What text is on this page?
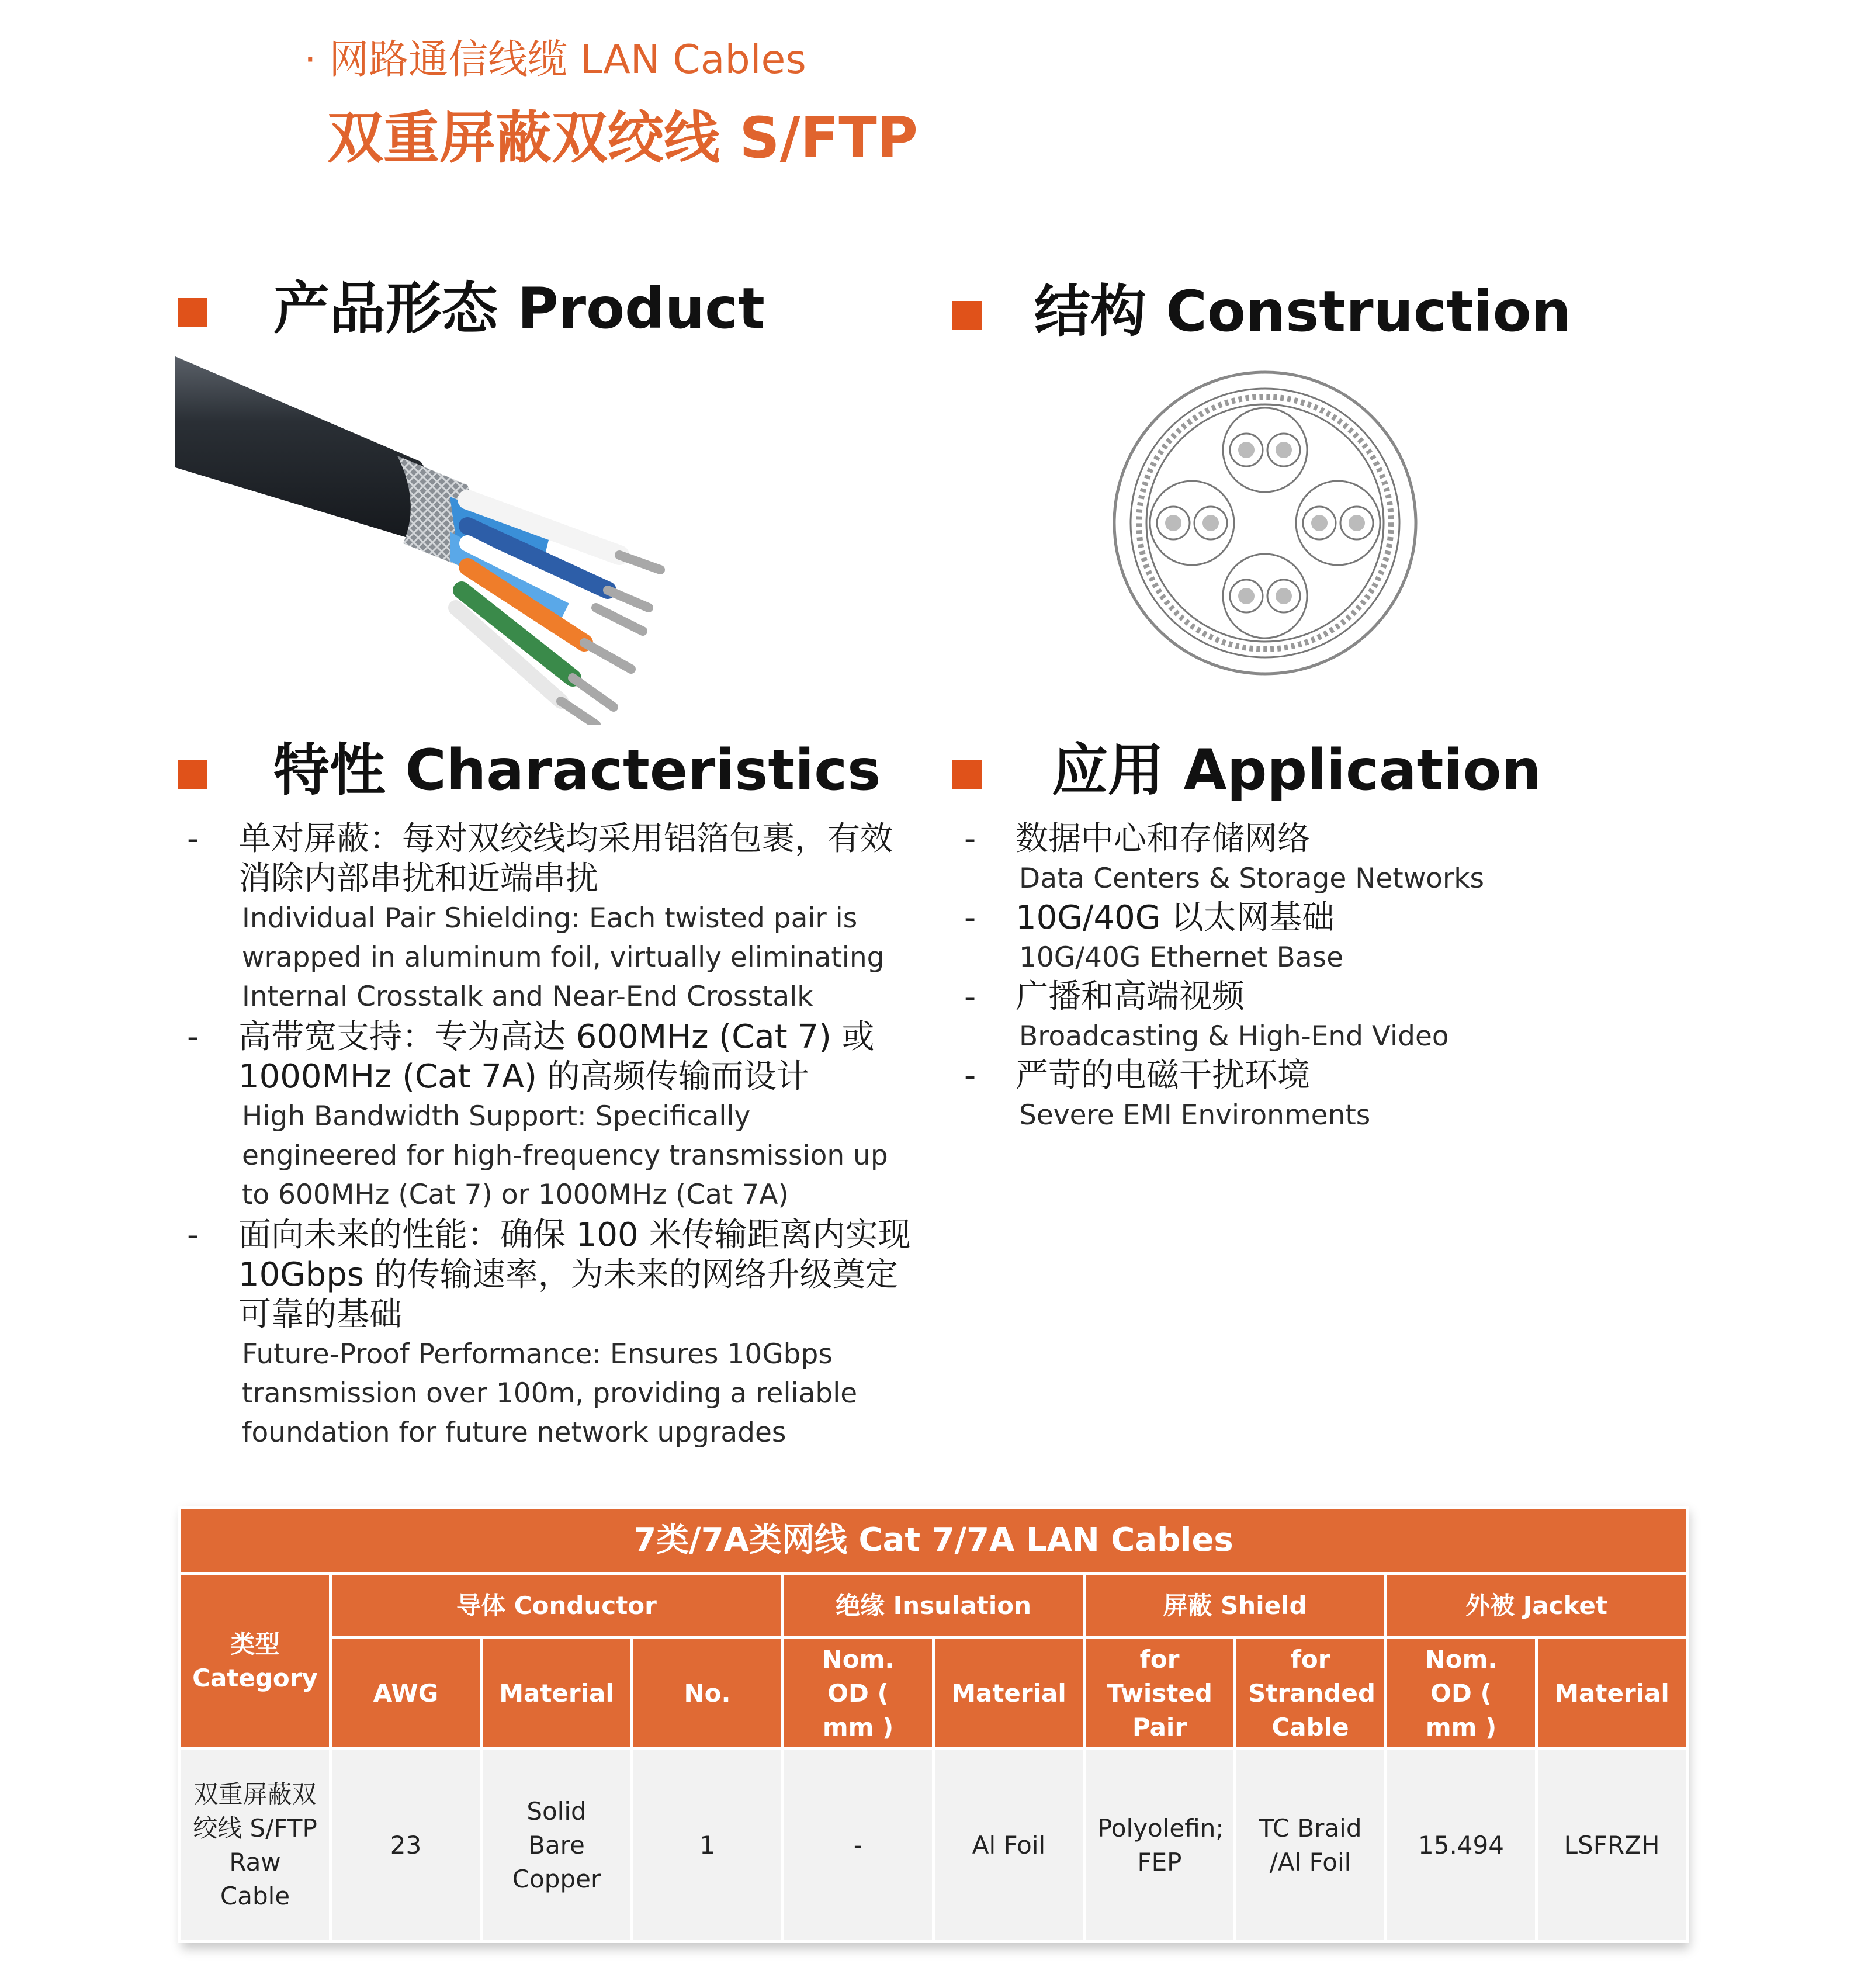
· 网路通信线缆 LAN Cables
双重屏蔽双绞线 S/FTP
产品形态 Product	结构 Construction
特性 Characteristics	应用 Application
- 单对屏蔽：每对双绞线均采用铝箔包裹，有效消除内部串扰和近端串扰
Individual Pair Shielding: Each twisted pair is wrapped in aluminum foil, virtually eliminating Internal Crosstalk and Near-End Crosstalk
- 高带宽支持：专为高达 600MHz (Cat 7) 或 1000MHz (Cat 7A) 的高频传输而设计
High Bandwidth Support: Specifically engineered for high-frequency transmission up to 600MHz (Cat 7) or 1000MHz (Cat 7A)
- 面向未来的性能：确保 100 米传输距离内实现 10Gbps 的传输速率，为未来的网络升级奠定可靠的基础
Future-Proof Performance: Ensures 10Gbps transmission over 100m, providing a reliable foundation for future network upgrades
- 数据中心和存储网络
Data Centers & Storage Networks
- 10G/40G 以太网基础
10G/40G Ethernet Base
- 广播和高端视频
Broadcasting & High-End Video
- 严苛的电磁干扰环境
Severe EMI Environments
7类/7A类网线 Cat 7/7A LAN Cables									
类型 Category	导体 Conductor			绝缘 Insulation		屏蔽 Shield		外被 Jacket	
	AWG	Material	No.	Nom. OD ( mm )	Material	for Twisted Pair	for Stranded Cable	Nom. OD ( mm )	Material
双重屏蔽双绞线 S/FTP Raw Cable	23	Solid Bare Copper	1	-	Al Foil	Polyolefin; FEP	TC Braid /Al Foil	15.494	LSFRZH
